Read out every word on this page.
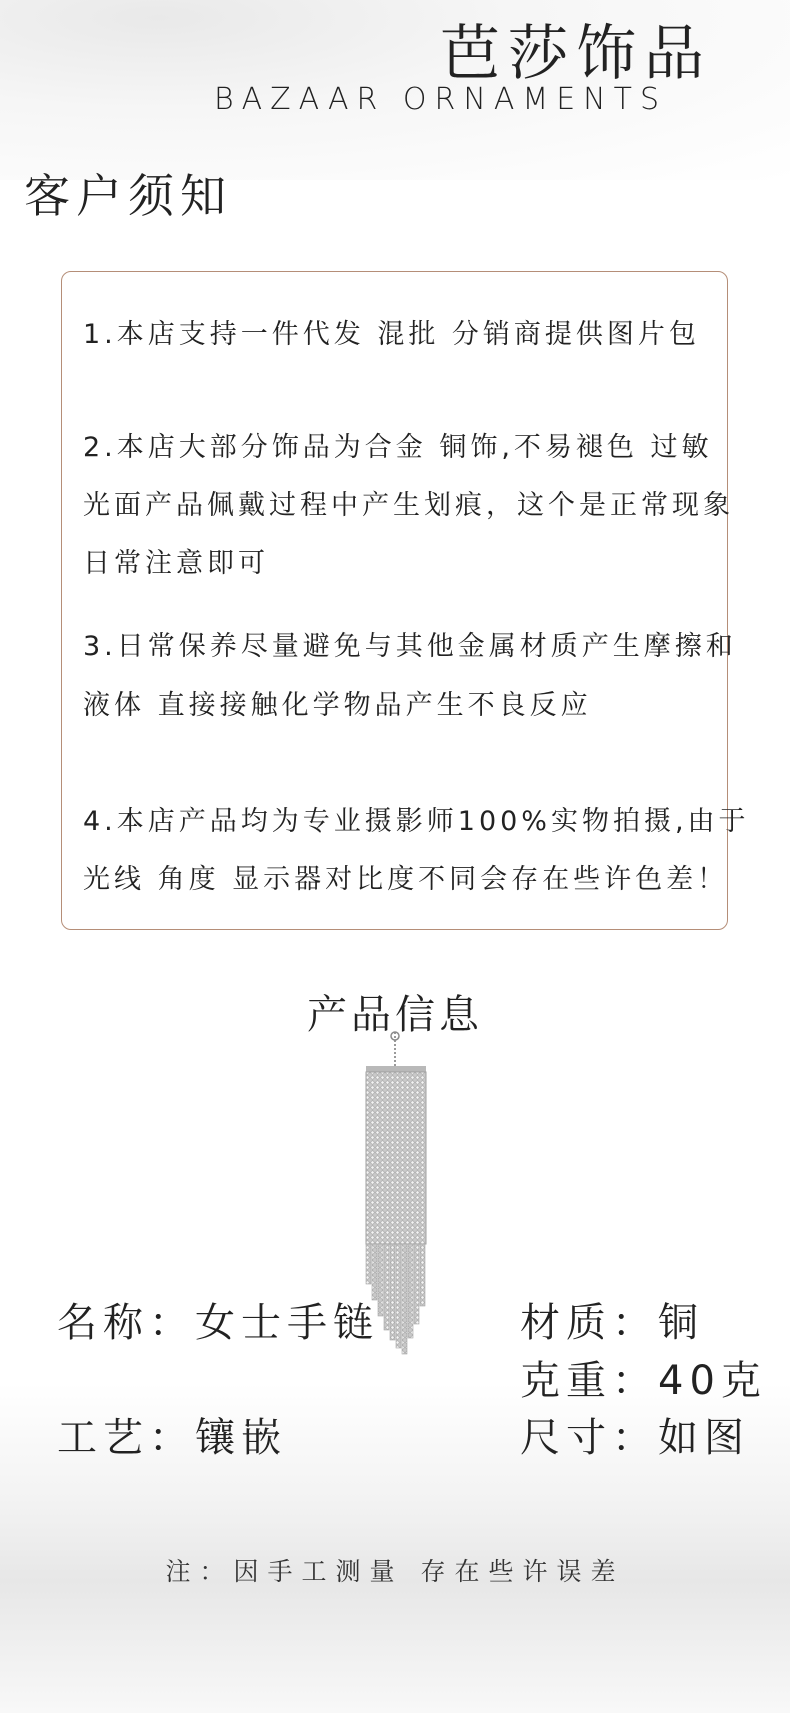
芭莎饰品
BAZAAR ORNAMENTS
客户须知
1.本店支持一件代发 混批 分销商提供图片包
2.本店大部分饰品为合金 铜饰,不易褪色 过敏
光面产品佩戴过程中产生划痕，这个是正常现象
日常注意即可
3.日常保养尽量避免与其他金属材质产生摩擦和
液体 直接接触化学物品产生不良反应
4.本店产品均为专业摄影师100%实物拍摄,由于
光线 角度 显示器对比度不同会存在些许色差！
产品信息
名称：女士手链	材质：铜
克重：40克
工艺：镶嵌	尺寸：如图
注：因手工测量 存在些许误差
